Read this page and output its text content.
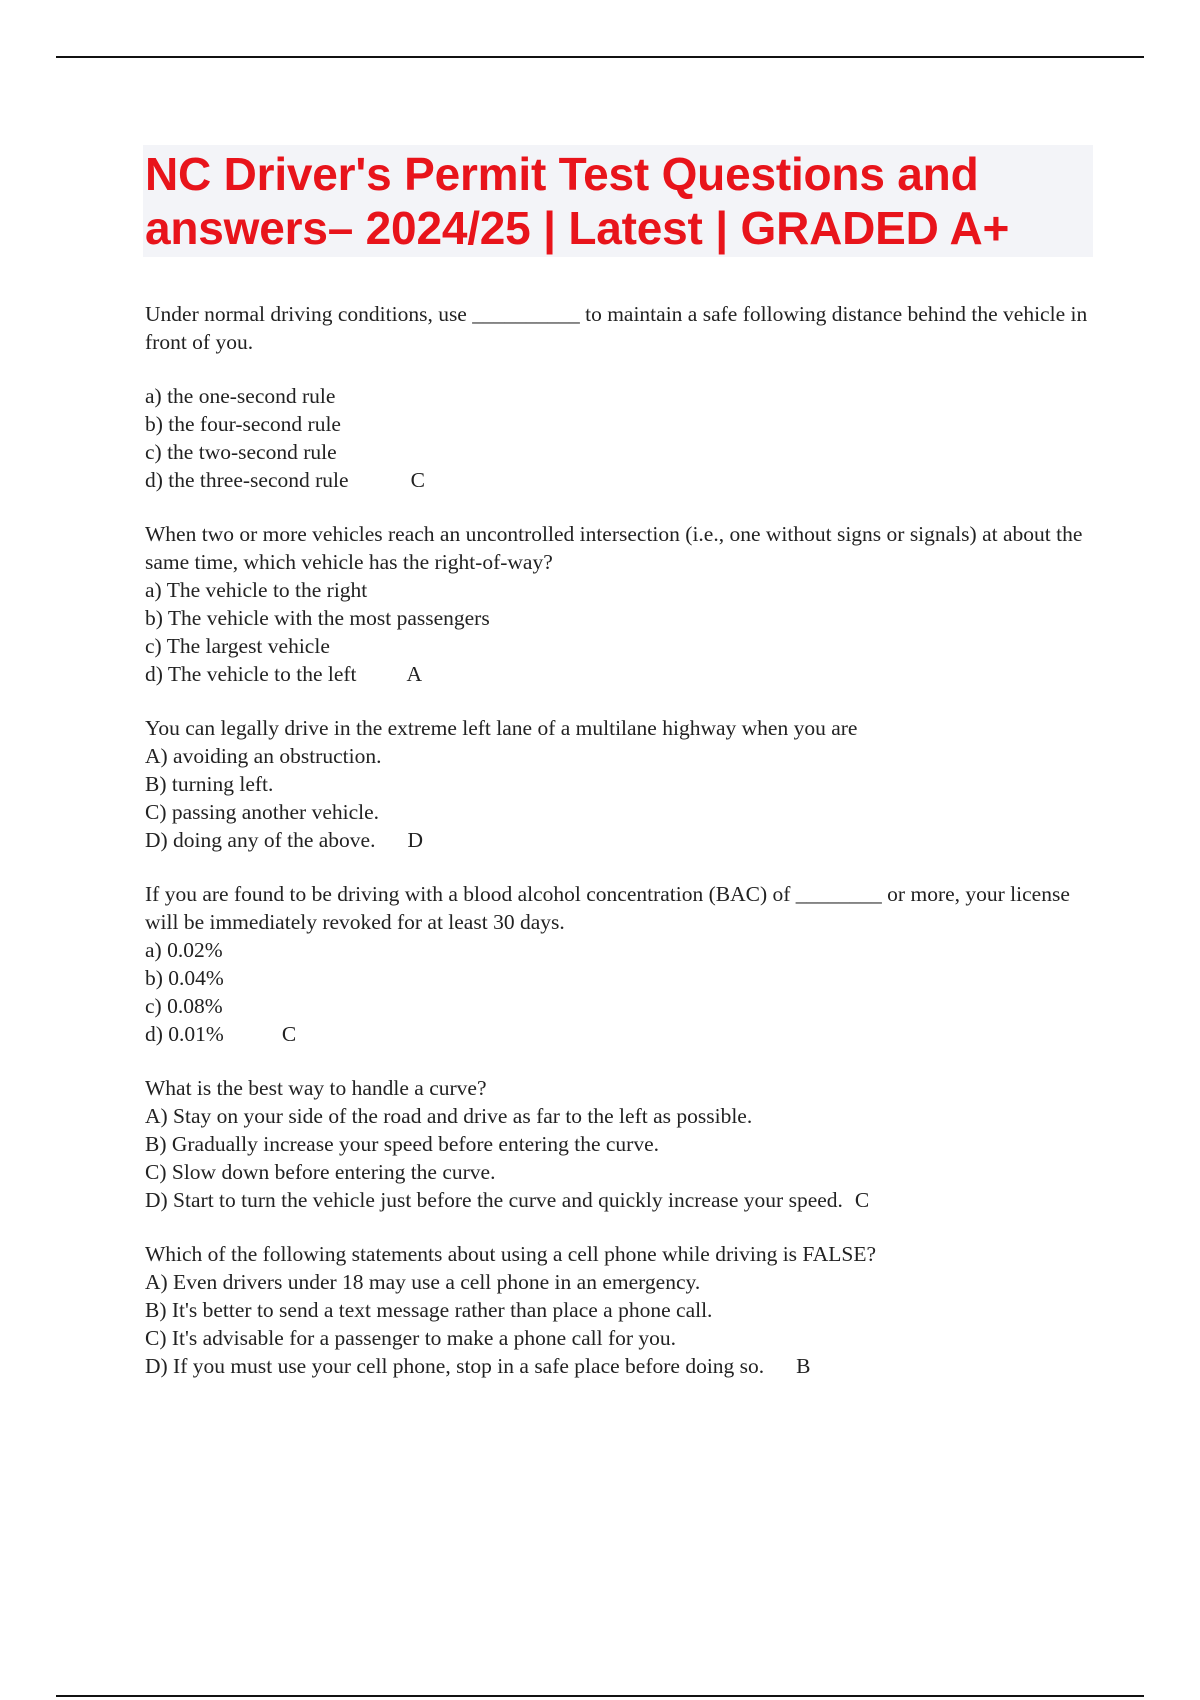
NC Driver's Permit Test Questions and
answers– 2024/25 | Latest | GRADED A+

Under normal driving conditions, use __________ to maintain a safe following distance behind the vehicle in front of you.

a) the one-second rule
b) the four-second rule
c) the two-second rule
d) the three-second rule	C

When two or more vehicles reach an uncontrolled intersection (i.e., one without signs or signals) at about the same time, which vehicle has the right-of-way?

a) The vehicle to the right
b) The vehicle with the most passengers
c) The largest vehicle
d) The vehicle to the left A

You can legally drive in the extreme left lane of a multilane highway when you are

A) avoiding an obstruction.
B) turning left.
C) passing another vehicle.
D) doing any of the above. D

If you are found to be driving with a blood alcohol concentration (BAC) of ________ or more, your license will be immediately revoked for at least 30 days.

a) 0.02%
b) 0.04%
c) 0.08%
d) 0.01%	C

What is the best way to handle a curve?

A) Stay on your side of the road and drive as far to the left as possible.
B) Gradually increase your speed before entering the curve.
C) Slow down before entering the curve.
D) Start to turn the vehicle just before the curve and quickly increase your speed. C

Which of the following statements about using a cell phone while driving is FALSE?

A) Even drivers under 18 may use a cell phone in an emergency.
B) It's better to send a text message rather than place a phone call.
C) It's advisable for a passenger to make a phone call for you.
D) If you must use your cell phone, stop in a safe place before doing so. B
